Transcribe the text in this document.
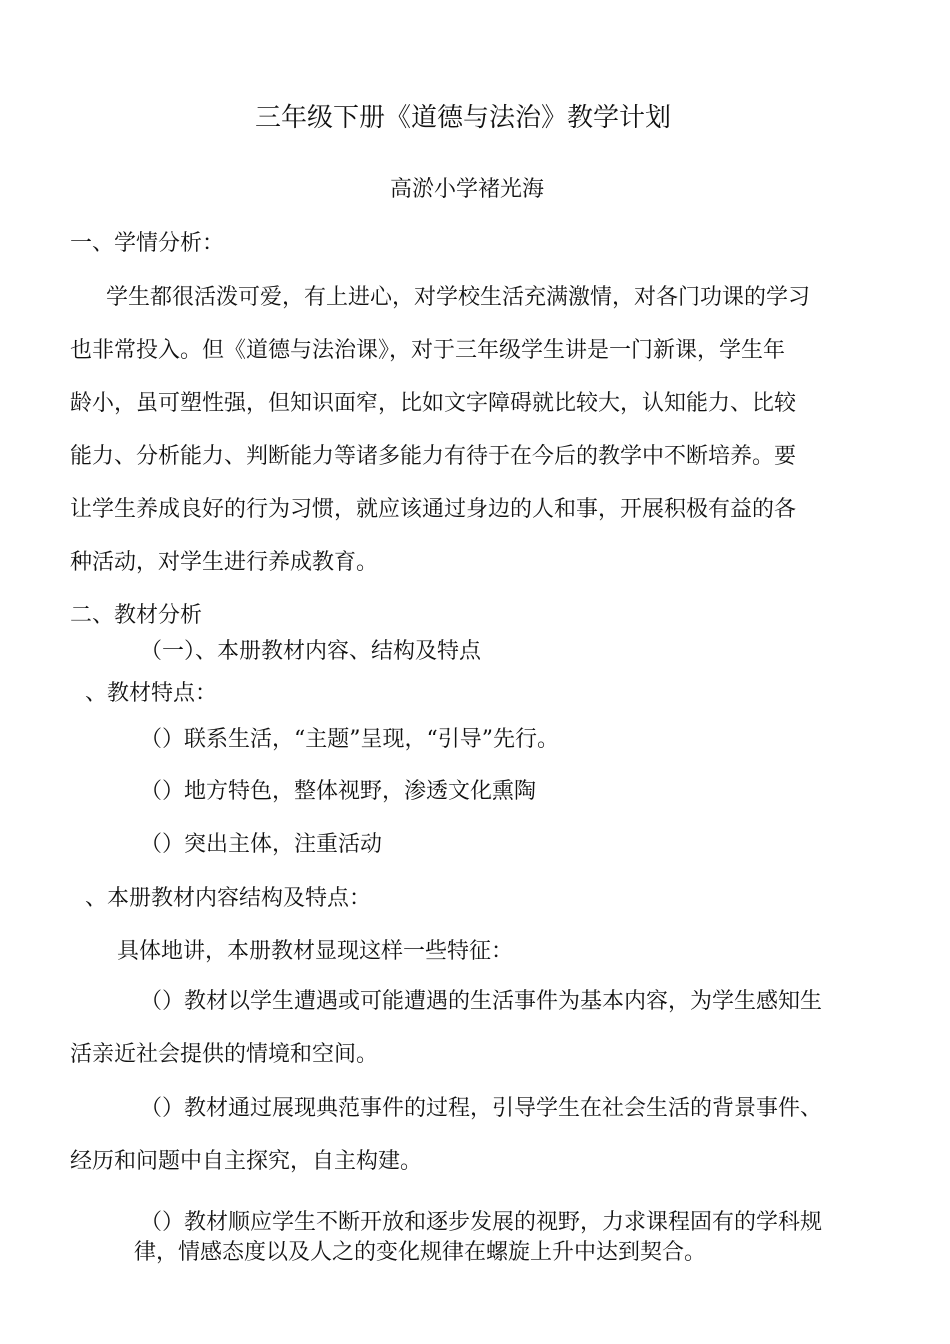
三年级下册《道德与法治》教学计划
高淤小学褚光海
一、学情分析：
学生都很活泼可爱，有上进心，对学校生活充满激情，对各门功课的学习
也非常投入。但《道德与法治课》，对于三年级学生讲是一门新课，学生年
龄小，虽可塑性强，但知识面窄，比如文字障碍就比较大，认知能力、比较
能力、分析能力、判断能力等诸多能力有待于在今后的教学中不断培养。要
让学生养成良好的行为习惯，就应该通过身边的人和事，开展积极有益的各
种活动，对学生进行养成教育。
二、教材分析
（一）、本册教材内容、结构及特点
、教材特点：
（）联系生活，“主题”呈现，“引导”先行。
（）地方特色，整体视野，渗透文化熏陶
（）突出主体，注重活动
、本册教材内容结构及特点：
具体地讲，本册教材显现这样一些特征：
（）教材以学生遭遇或可能遭遇的生活事件为基本内容，为学生感知生
活亲近社会提供的情境和空间。
（）教材通过展现典范事件的过程，引导学生在社会生活的背景事件、
经历和问题中自主探究，自主构建。
（）教材顺应学生不断开放和逐步发展的视野，力求课程固有的学科规
律，情感态度以及人之的变化规律在螺旋上升中达到契合。
